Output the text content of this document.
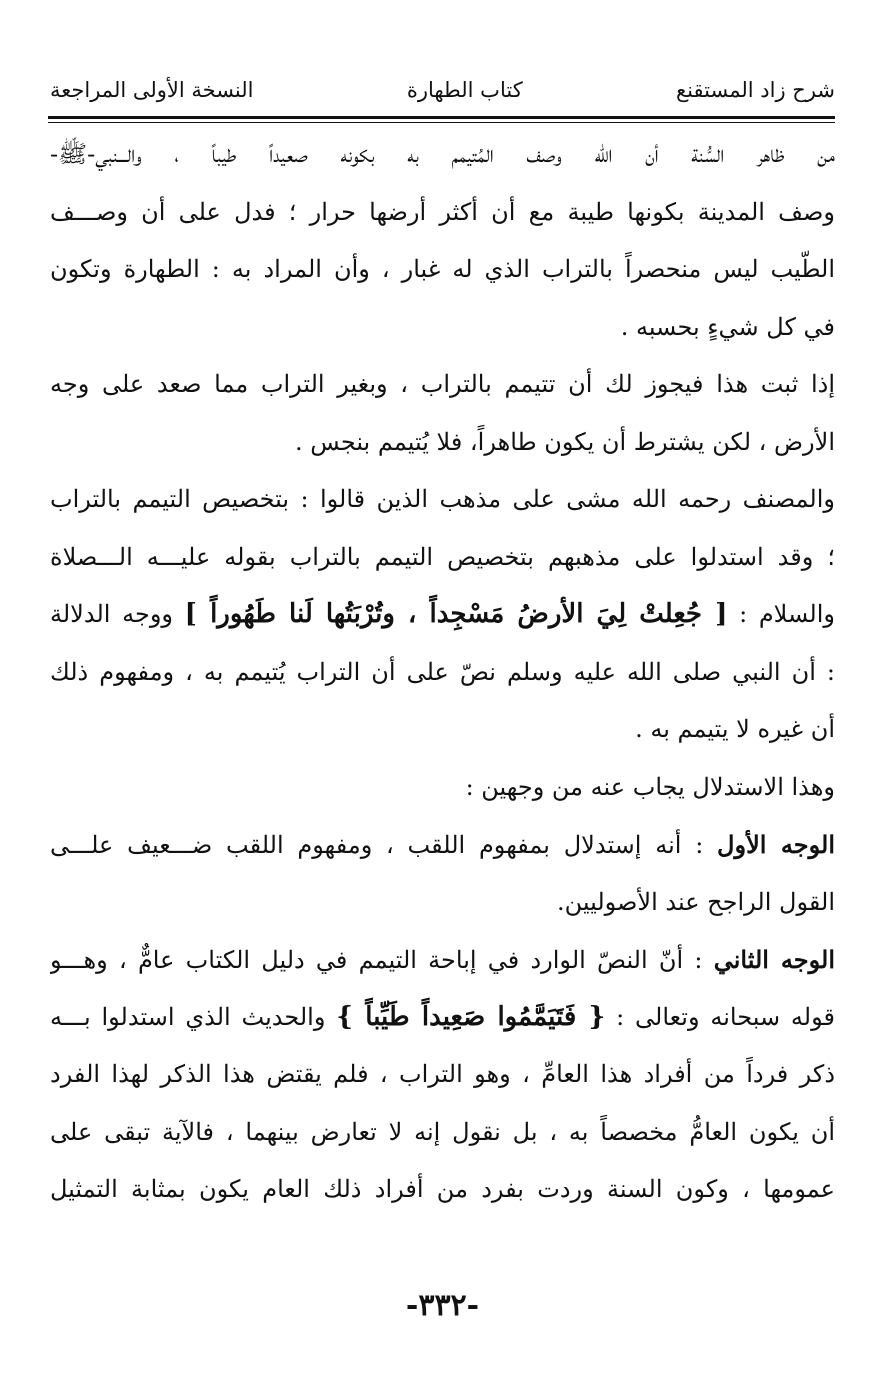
شرح زاد المستقنع
كتاب الطهارة
النسخة الأولى المراجعة
من ظاهر السُّنة أن الله وصف المُتيمم به بكونه صعيداً طيباً ، والـــنبي-ﷺ-
وصف المدينة بكونها طيبة مع أن أكثر أرضها حرار ؛ فدل على أن وصـــف
الطّيب ليس منحصراً بالتراب الذي له غبار ، وأن المراد به : الطهارة وتكون
في كل شيءٍ بحسبه .
إذا ثبت هذا فيجوز لك أن تتيمم بالتراب ، وبغير التراب مما صعد على وجه
الأرض ، لكن يشترط أن يكون طاهراً، فلا يُتيمم بنجس .
والمصنف رحمه الله مشى على مذهب الذين قالوا : بتخصيص التيمم بالتراب
؛ وقد استدلوا على مذهبهم بتخصيص التيمم بالتراب بقوله عليـــه الـــصلاة
والسلام : [ جُعِلتْ لِيَ الأرضُ مَسْجِداً ، وتُرْبَتُها لَنا طَهُوراً ] ووجه الدلالة
: أن النبي صلى الله عليه وسلم نصّ على أن التراب يُتيمم به ، ومفهوم ذلك
أن غيره لا يتيمم به .
وهذا الاستدلال يجاب عنه من وجهين :
الوجه الأول : أنه إستدلال بمفهوم اللقب ، ومفهوم اللقب ضـــعيف علـــى
القول الراجح عند الأصوليين.
الوجه الثاني : أنّ النصّ الوارد في إباحة التيمم في دليل الكتاب عامٌّ ، وهـــو
قوله سبحانه وتعالى : { فَتَيَمَّمُوا صَعِيداً طَيِّباً } والحديث الذي استدلوا بـــه
ذكر فرداً من أفراد هذا العامِّ ، وهو التراب ، فلم يقتض هذا الذكر لهذا الفرد
أن يكون العامُّ مخصصاً به ، بل نقول إنه لا تعارض بينهما ، فالآية تبقى على
عمومها ، وكون السنة وردت بفرد من أفراد ذلك العام يكون بمثابة التمثيل
-٣٣٢-
